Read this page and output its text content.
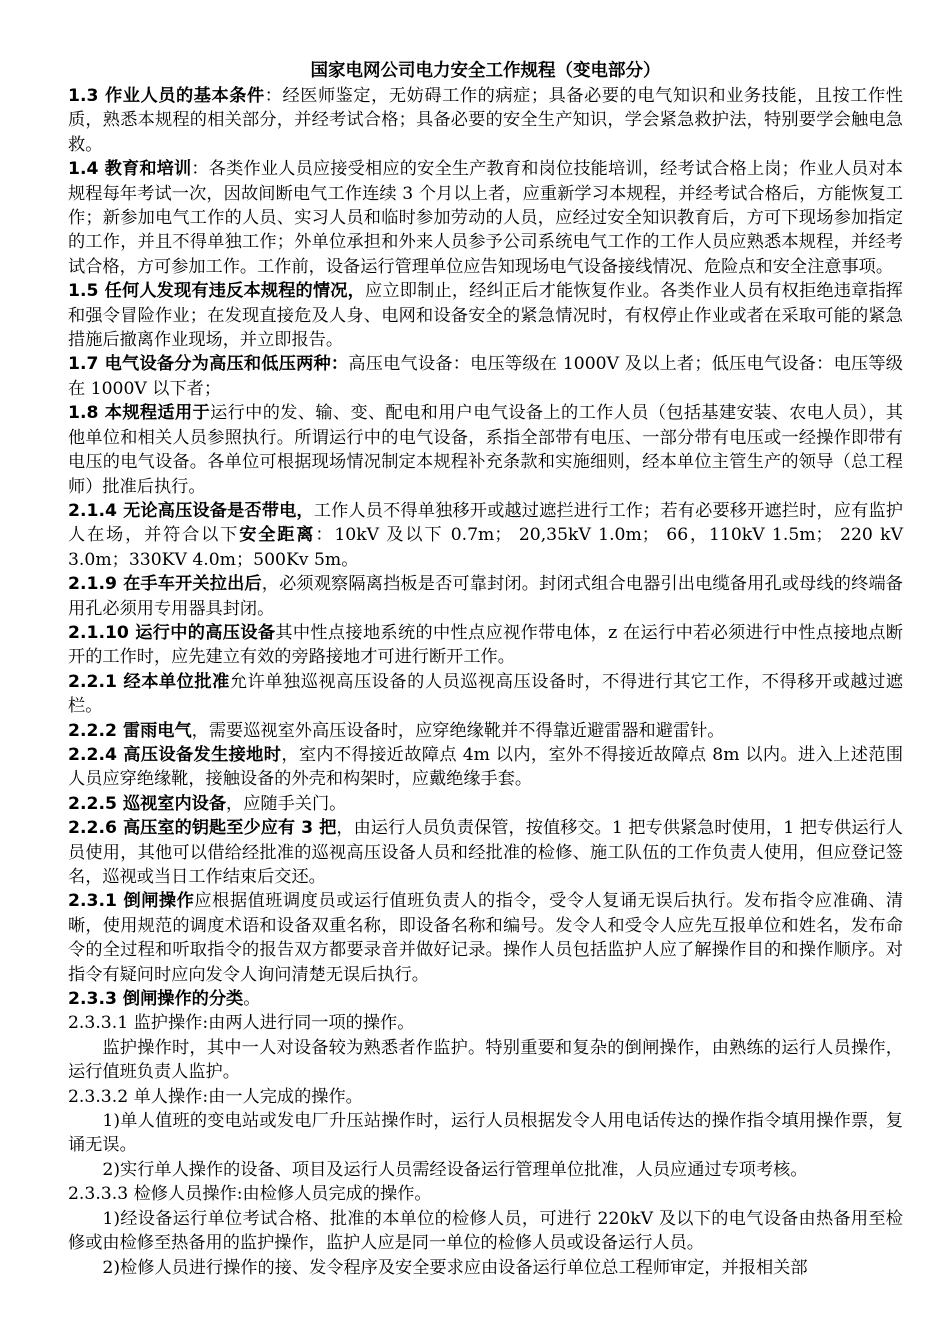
国家电网公司电力安全工作规程（变电部分）

1.3 作业人员的基本条件：经医师鉴定，无妨碍工作的病症；具备必要的电气知识和业务技能，且按工作性质，熟悉本规程的相关部分，并经考试合格；具备必要的安全生产知识，学会紧急救护法，特别要学会触电急救。

1.4 教育和培训：各类作业人员应接受相应的安全生产教育和岗位技能培训，经考试合格上岗；作业人员对本规程每年考试一次，因故间断电气工作连续 3 个月以上者，应重新学习本规程，并经考试合格后，方能恢复工作；新参加电气工作的人员、实习人员和临时参加劳动的人员，应经过安全知识教育后，方可下现场参加指定的工作，并且不得单独工作；外单位承担和外来人员参予公司系统电气工作的工作人员应熟悉本规程，并经考试合格，方可参加工作。工作前，设备运行管理单位应告知现场电气设备接线情况、危险点和安全注意事项。

1.5 任何人发现有违反本规程的情况，应立即制止，经纠正后才能恢复作业。各类作业人员有权拒绝违章指挥和强令冒险作业；在发现直接危及人身、电网和设备安全的紧急情况时，有权停止作业或者在采取可能的紧急措施后撤离作业现场，并立即报告。

1.7 电气设备分为高压和低压两种：高压电气设备：电压等级在 1000V 及以上者；低压电气设备：电压等级在 1000V 以下者；

1.8 本规程适用于运行中的发、输、变、配电和用户电气设备上的工作人员（包括基建安装、农电人员），其他单位和相关人员参照执行。所谓运行中的电气设备，系指全部带有电压、一部分带有电压或一经操作即带有电压的电气设备。各单位可根据现场情况制定本规程补充条款和实施细则，经本单位主管生产的领导（总工程师）批准后执行。

2.1.4 无论高压设备是否带电，工作人员不得单独移开或越过遮拦进行工作；若有必要移开遮拦时，应有监护人在场，并符合以下安全距离：10kV 及以下 0.7m； 20,35kV 1.0m； 66，110kV 1.5m； 220 kV 3.0m；330KV 4.0m；500Kv 5m。

2.1.9 在手车开关拉出后，必须观察隔离挡板是否可靠封闭。封闭式组合电器引出电缆备用孔或母线的终端备用孔必须用专用器具封闭。

2.1.10 运行中的高压设备其中性点接地系统的中性点应视作带电体，z 在运行中若必须进行中性点接地点断开的工作时，应先建立有效的旁路接地才可进行断开工作。

2.2.1 经本单位批准允许单独巡视高压设备的人员巡视高压设备时，不得进行其它工作，不得移开或越过遮栏。

2.2.2 雷雨电气，需要巡视室外高压设备时，应穿绝缘靴并不得靠近避雷器和避雷针。

2.2.4 高压设备发生接地时，室内不得接近故障点 4m 以内，室外不得接近故障点 8m 以内。进入上述范围人员应穿绝缘靴，接触设备的外壳和构架时，应戴绝缘手套。

2.2.5 巡视室内设备，应随手关门。

2.2.6 高压室的钥匙至少应有 3 把，由运行人员负责保管，按值移交。1 把专供紧急时使用，1 把专供运行人员使用，其他可以借给经批准的巡视高压设备人员和经批准的检修、施工队伍的工作负责人使用，但应登记签名，巡视或当日工作结束后交还。

2.3.1 倒闸操作应根据值班调度员或运行值班负责人的指令，受令人复诵无误后执行。发布指令应准确、清晰，使用规范的调度术语和设备双重名称，即设备名称和编号。发令人和受令人应先互报单位和姓名，发布命令的全过程和听取指令的报告双方都要录音并做好记录。操作人员包括监护人应了解操作目的和操作顺序。对指令有疑问时应向发令人询问清楚无误后执行。

2.3.3 倒闸操作的分类。

2.3.3.1 监护操作:由两人进行同一项的操作。

监护操作时，其中一人对设备较为熟悉者作监护。特别重要和复杂的倒闸操作，由熟练的运行人员操作，运行值班负责人监护。

2.3.3.2 单人操作:由一人完成的操作。

1)单人值班的变电站或发电厂升压站操作时，运行人员根据发令人用电话传达的操作指令填用操作票，复诵无误。

2)实行单人操作的设备、项目及运行人员需经设备运行管理单位批准，人员应通过专项考核。

2.3.3.3 检修人员操作:由检修人员完成的操作。

1)经设备运行单位考试合格、批准的本单位的检修人员，可进行 220kV 及以下的电气设备由热备用至检修或由检修至热备用的监护操作，监护人应是同一单位的检修人员或设备运行人员。

2)检修人员进行操作的接、发令程序及安全要求应由设备运行单位总工程师审定，并报相关部
